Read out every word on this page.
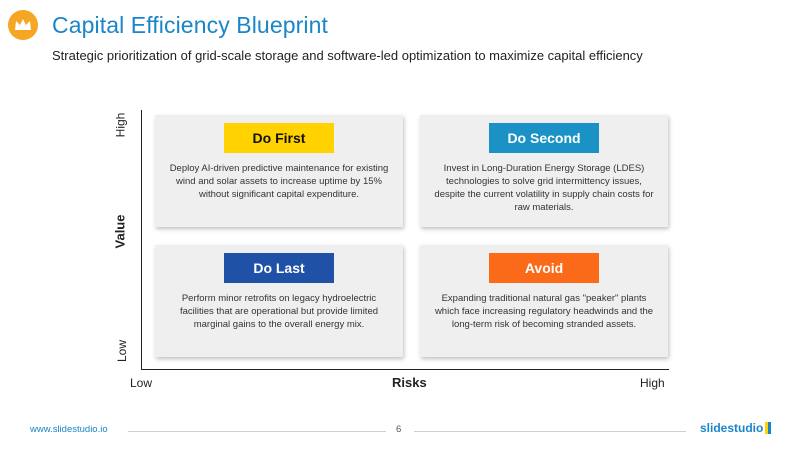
Capital Efficiency Blueprint
Strategic prioritization of grid-scale storage and software-led optimization to maximize capital efficiency
High
Value
Low
Low	Risks	High
Do First
Deploy AI-driven predictive maintenance for existing wind and solar assets to increase uptime by 15% without significant capital expenditure.
Do Second
Invest in Long-Duration Energy Storage (LDES) technologies to solve grid intermittency issues, despite the current volatility in supply chain costs for raw materials.
Do Last
Perform minor retrofits on legacy hydroelectric facilities that are operational but provide limited marginal gains to the overall energy mix.
Avoid
Expanding traditional natural gas "peaker" plants which face increasing regulatory headwinds and the long-term risk of becoming stranded assets.
www.slidestudio.io	6	slidestudio
